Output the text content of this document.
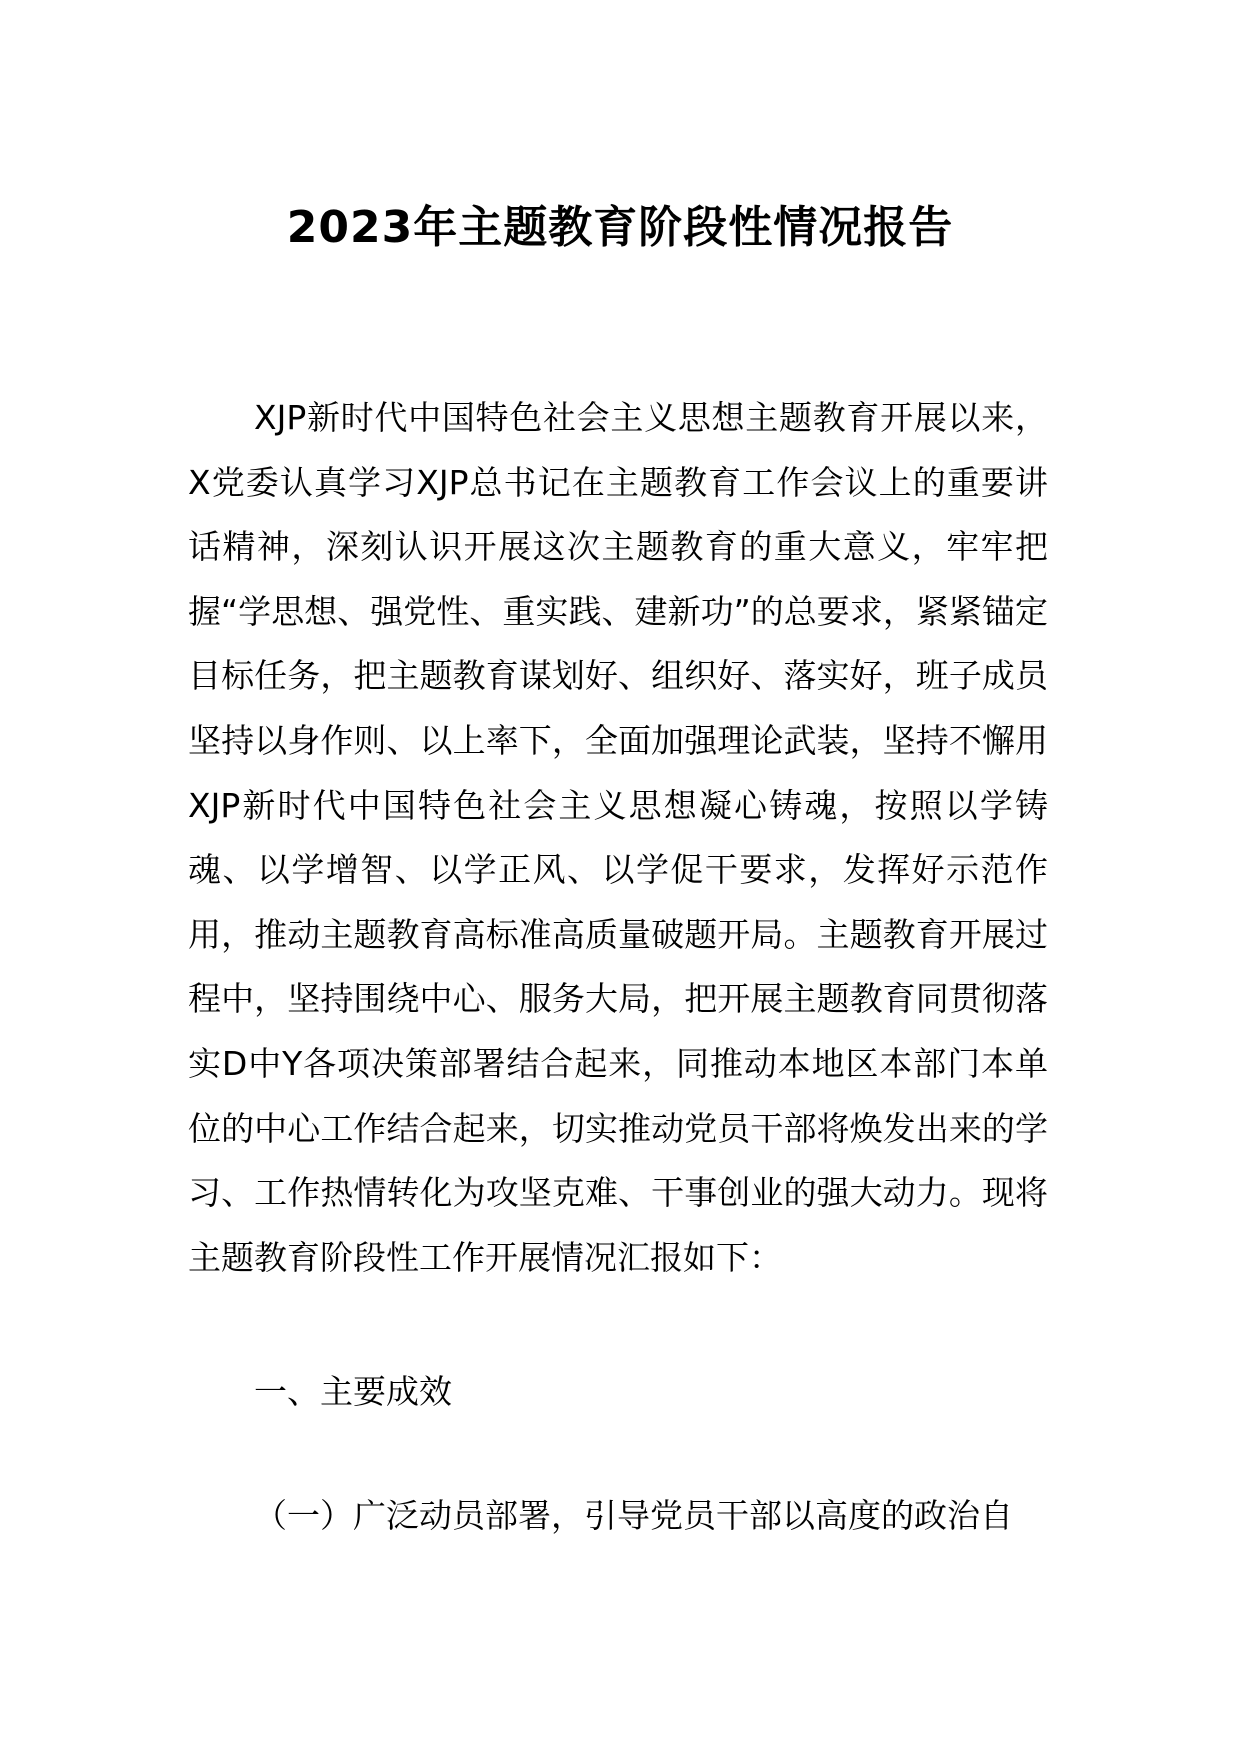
2023年主题教育阶段性情况报告

XJP新时代中国特色社会主义思想主题教育开展以来，X党委认真学习XJP总书记在主题教育工作会议上的重要讲话精神，深刻认识开展这次主题教育的重大意义，牢牢把握“学思想、强党性、重实践、建新功”的总要求，紧紧锚定目标任务，把主题教育谋划好、组织好、落实好，班子成员坚持以身作则、以上率下，全面加强理论武装，坚持不懈用XJP新时代中国特色社会主义思想凝心铸魂，按照以学铸魂、以学增智、以学正风、以学促干要求，发挥好示范作用，推动主题教育高标准高质量破题开局。主题教育开展过程中，坚持围绕中心、服务大局，把开展主题教育同贯彻落实D中Y各项决策部署结合起来，同推动本地区本部门本单位的中心工作结合起来，切实推动党员干部将焕发出来的学习、工作热情转化为攻坚克难、干事创业的强大动力。现将主题教育阶段性工作开展情况汇报如下：

一、主要成效
（一）广泛动员部署，引导党员干部以高度的政治自
